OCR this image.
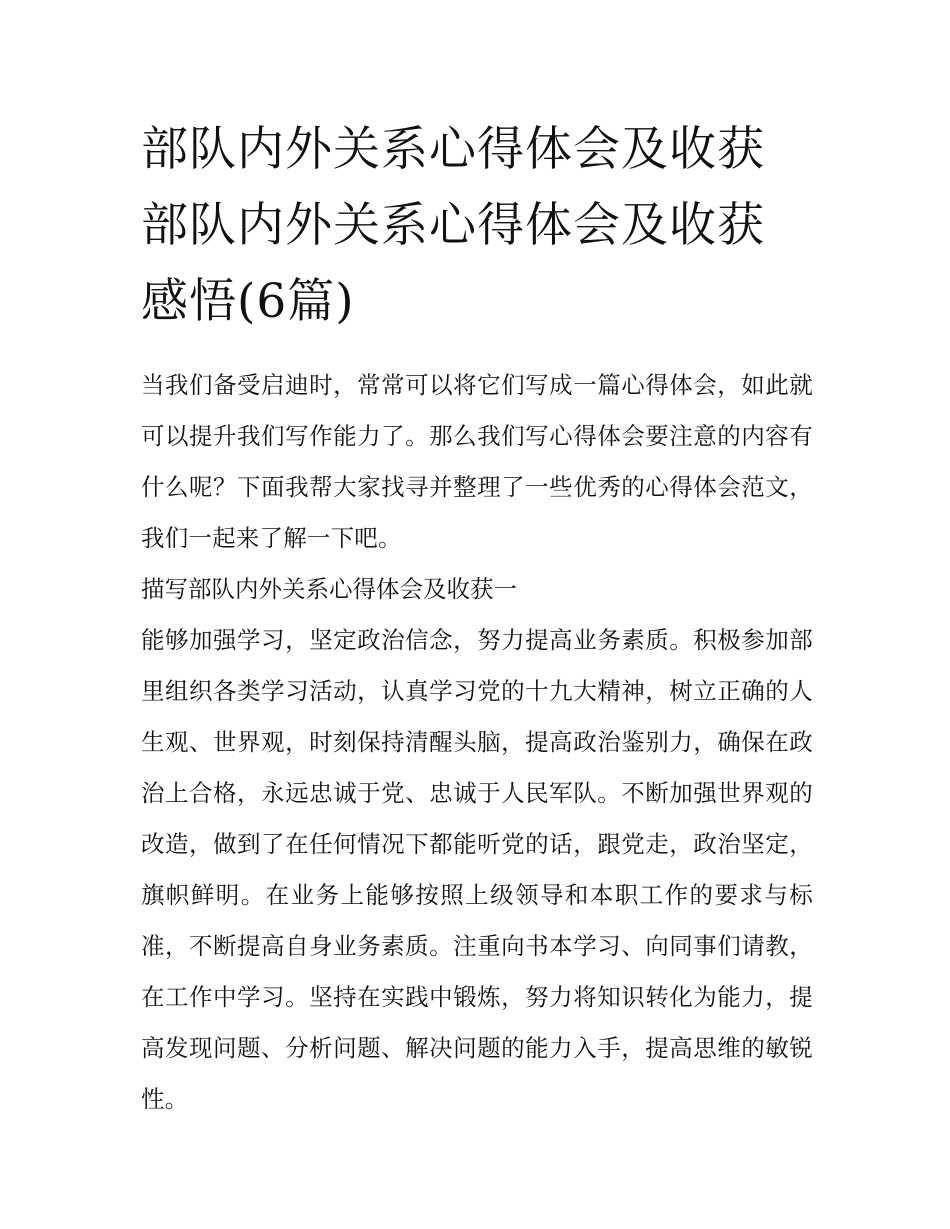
部队内外关系心得体会及收获
部队内外关系心得体会及收获
感悟(6篇)

当我们备受启迪时，常常可以将它们写成一篇心得体会，如此就可以提升我们写作能力了。那么我们写心得体会要注意的内容有什么呢？下面我帮大家找寻并整理了一些优秀的心得体会范文，我们一起来了解一下吧。

描写部队内外关系心得体会及收获一

能够加强学习，坚定政治信念，努力提高业务素质。积极参加部里组织各类学习活动，认真学习党的十九大精神，树立正确的人生观、世界观，时刻保持清醒头脑，提高政治鉴别力，确保在政治上合格，永远忠诚于党、忠诚于人民军队。不断加强世界观的改造，做到了在任何情况下都能听党的话，跟党走，政治坚定，旗帜鲜明。在业务上能够按照上级领导和本职工作的要求与标准，不断提高自身业务素质。注重向书本学习、向同事们请教，在工作中学习。坚持在实践中锻炼，努力将知识转化为能力，提高发现问题、分析问题、解决问题的能力入手，提高思维的敏锐性。
